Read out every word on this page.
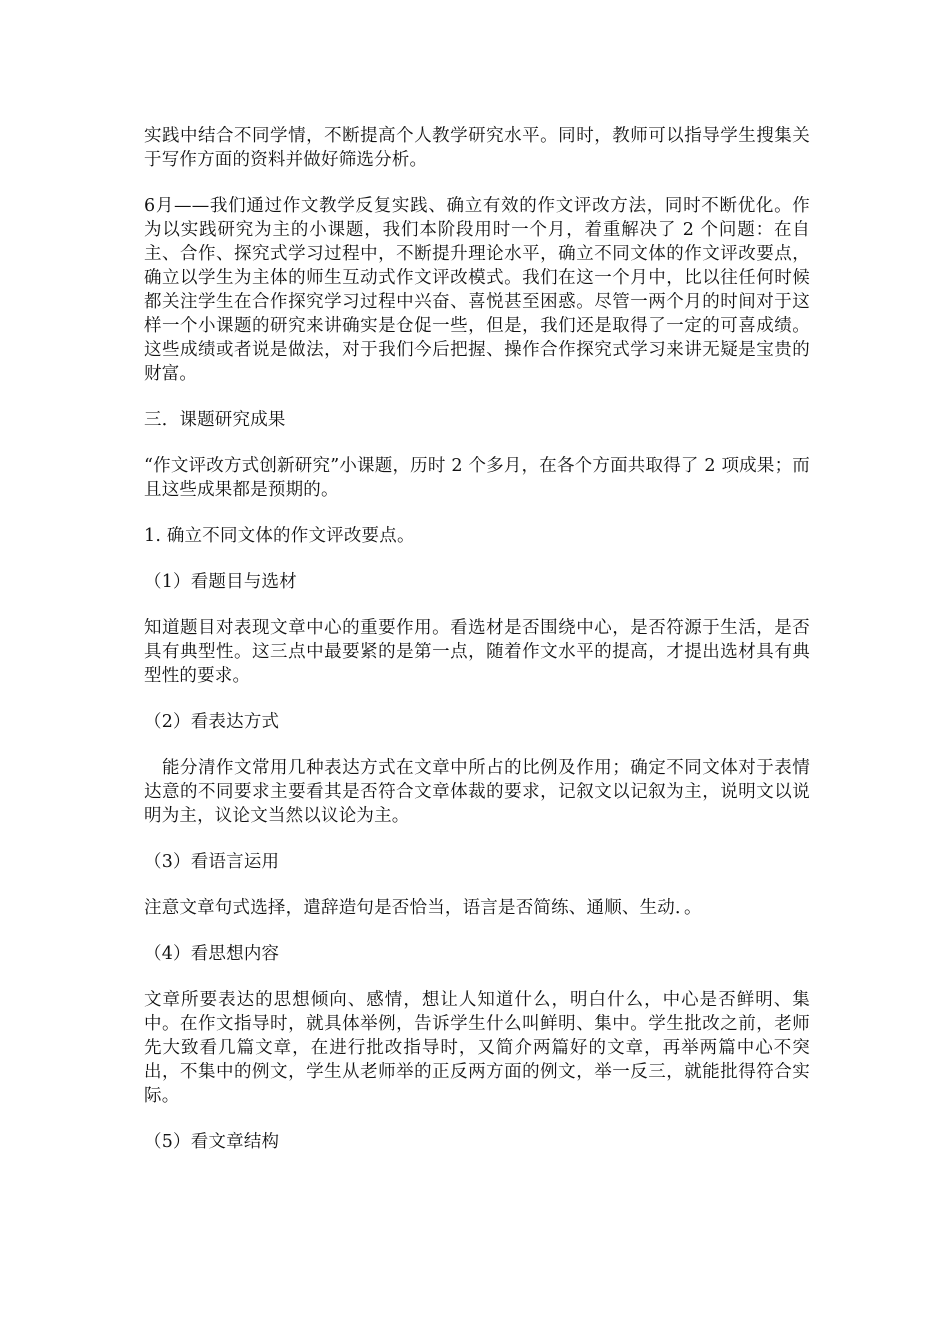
实践中结合不同学情，不断提高个人教学研究水平。同时，教师可以指导学生搜集关于写作方面的资料并做好筛选分析。

6月——我们通过作文教学反复实践、确立有效的作文评改方法，同时不断优化。作为以实践研究为主的小课题，我们本阶段用时一个月，着重解决了 2 个问题：在自主、合作、探究式学习过程中，不断提升理论水平，确立不同文体的作文评改要点，确立以学生为主体的师生互动式作文评改模式。我们在这一个月中，比以往任何时候都关注学生在合作探究学习过程中兴奋、喜悦甚至困惑。尽管一两个月的时间对于这样一个小课题的研究来讲确实是仓促一些，但是，我们还是取得了一定的可喜成绩。这些成绩或者说是做法，对于我们今后把握、操作合作探究式学习来讲无疑是宝贵的财富。

三．课题研究成果

“作文评改方式创新研究”小课题，历时 2 个多月，在各个方面共取得了 2 项成果；而且这些成果都是预期的。

1. 确立不同文体的作文评改要点。

（1）看题目与选材

知道题目对表现文章中心的重要作用。看选材是否围绕中心，是否符源于生活，是否具有典型性。这三点中最要紧的是第一点，随着作文水平的提高，才提出选材具有典型性的要求。

（2）看表达方式

能分清作文常用几种表达方式在文章中所占的比例及作用；确定不同文体对于表情达意的不同要求主要看其是否符合文章体裁的要求，记叙文以记叙为主，说明文以说明为主，议论文当然以议论为主。

（3）看语言运用

注意文章句式选择，遣辞造句是否恰当，语言是否简练、通顺、生动．。

（4）看思想内容

文章所要表达的思想倾向、感情，想让人知道什么，明白什么，中心是否鲜明、集中。在作文指导时，就具体举例，告诉学生什么叫鲜明、集中。学生批改之前，老师先大致看几篇文章，在进行批改指导时，又简介两篇好的文章，再举两篇中心不突出，不集中的例文，学生从老师举的正反两方面的例文，举一反三，就能批得符合实际。

（5）看文章结构
